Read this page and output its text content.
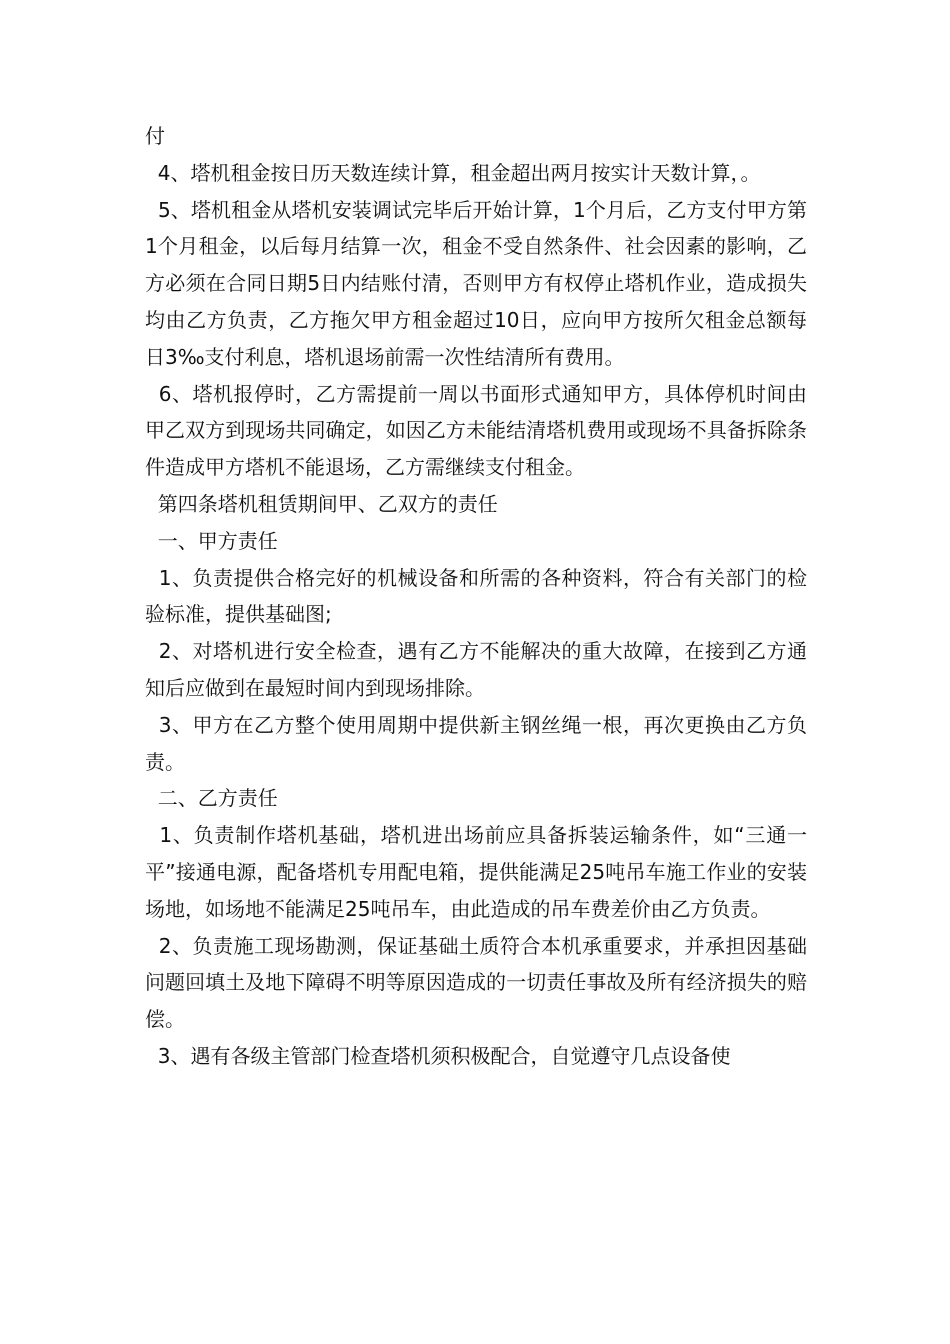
付

4、塔机租金按日历天数连续计算，租金超出两月按实计天数计算，。

5、塔机租金从塔机安装调试完毕后开始计算，1个月后，乙方支付甲方第1个月租金，以后每月结算一次，租金不受自然条件、社会因素的影响，乙方必须在合同日期5日内结账付清，否则甲方有权停止塔机作业，造成损失均由乙方负责，乙方拖欠甲方租金超过10日，应向甲方按所欠租金总额每日3‰支付利息，塔机退场前需一次性结清所有费用。

6、塔机报停时，乙方需提前一周以书面形式通知甲方，具体停机时间由甲乙双方到现场共同确定，如因乙方未能结清塔机费用或现场不具备拆除条件造成甲方塔机不能退场，乙方需继续支付租金。

第四条塔机租赁期间甲、乙双方的责任

一、甲方责任

1、负责提供合格完好的机械设备和所需的各种资料，符合有关部门的检验标准，提供基础图;

2、对塔机进行安全检查，遇有乙方不能解决的重大故障，在接到乙方通知后应做到在最短时间内到现场排除。

3、甲方在乙方整个使用周期中提供新主钢丝绳一根，再次更换由乙方负责。

二、乙方责任

1、负责制作塔机基础，塔机进出场前应具备拆装运输条件，如“三通一平”接通电源，配备塔机专用配电箱，提供能满足25吨吊车施工作业的安装场地，如场地不能满足25吨吊车，由此造成的吊车费差价由乙方负责。

2、负责施工现场勘测，保证基础土质符合本机承重要求，并承担因基础问题回填土及地下障碍不明等原因造成的一切责任事故及所有经济损失的赔偿。

3、遇有各级主管部门检查塔机须积极配合，自觉遵守几点设备使
